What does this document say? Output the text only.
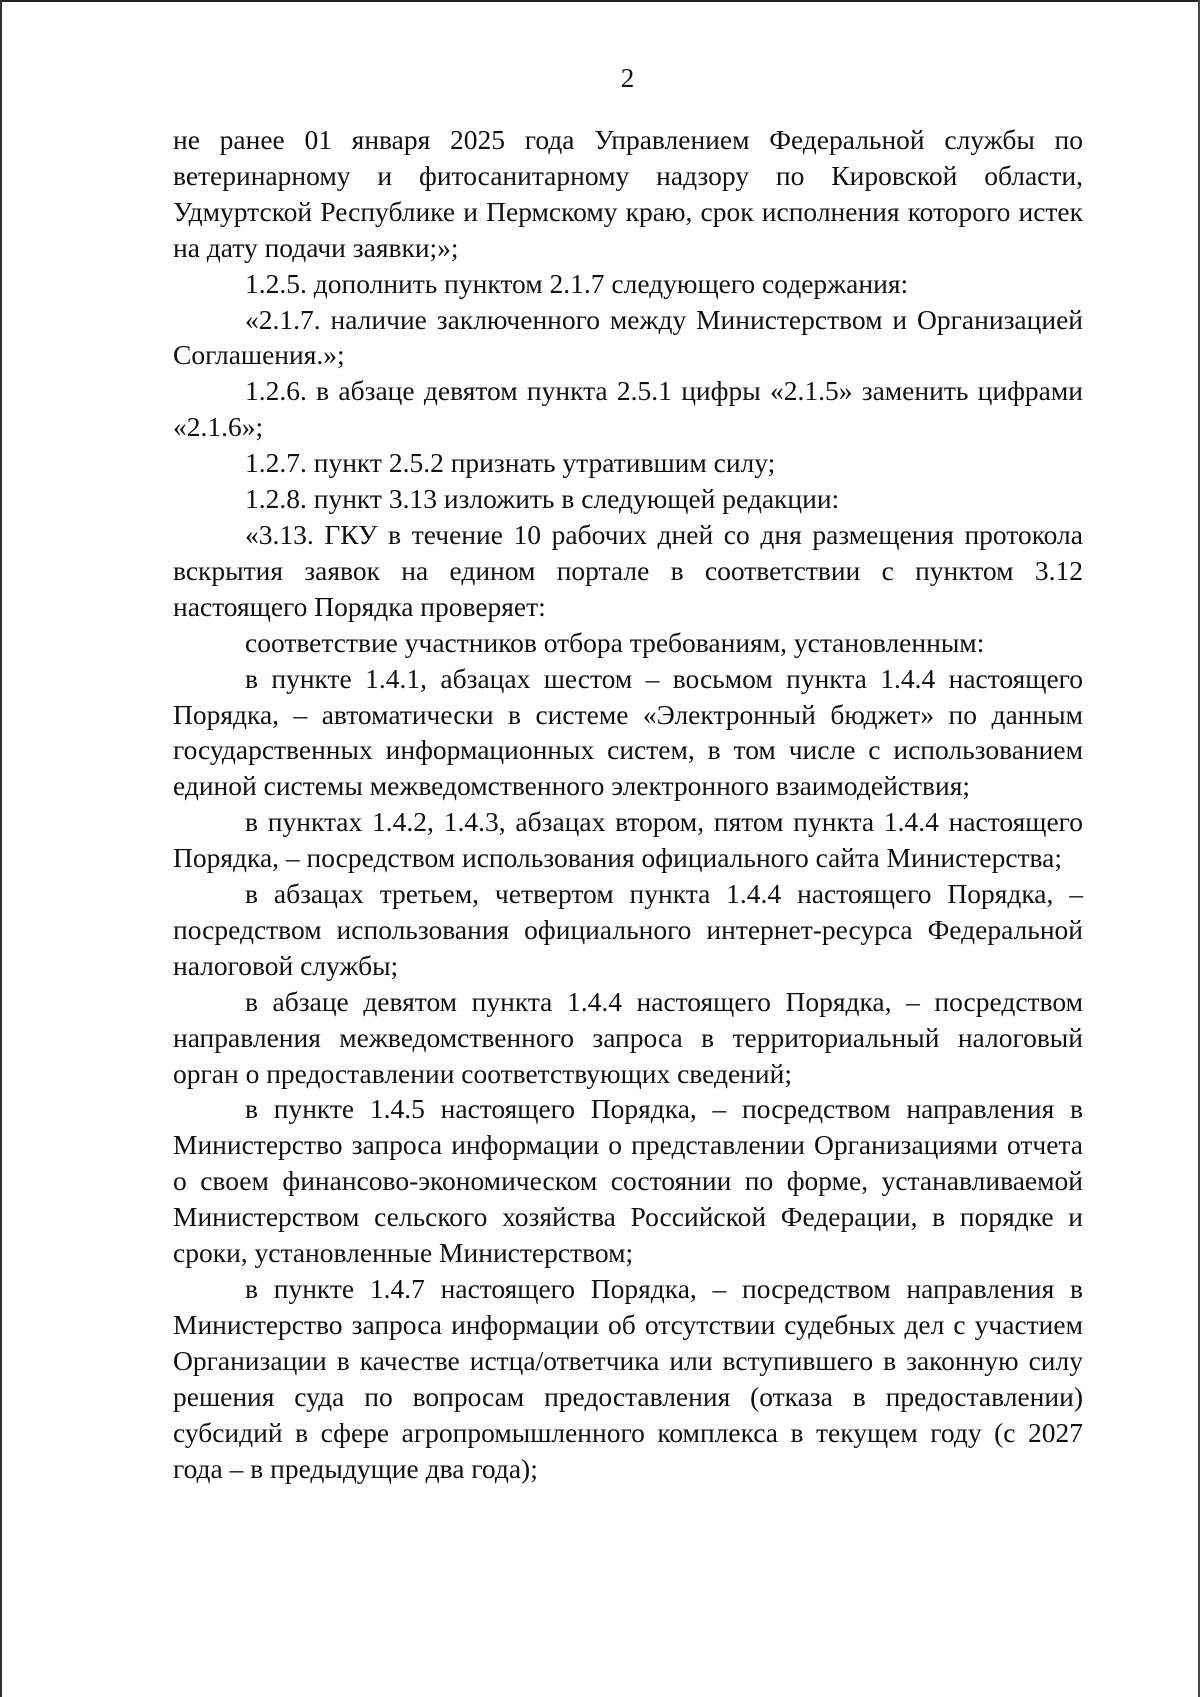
2

не ранее 01 января 2025 года Управлением Федеральной службы по ветеринарному и фитосанитарному надзору по Кировской области, Удмуртской Республике и Пермскому краю, срок исполнения которого истек на дату подачи заявки;»;

1.2.5. дополнить пунктом 2.1.7 следующего содержания:

«2.1.7. наличие заключенного между Министерством и Организацией Соглашения.»;

1.2.6. в абзаце девятом пункта 2.5.1 цифры «2.1.5» заменить цифрами «2.1.6»;

1.2.7. пункт 2.5.2 признать утратившим силу;

1.2.8. пункт 3.13 изложить в следующей редакции:

«3.13. ГКУ в течение 10 рабочих дней со дня размещения протокола вскрытия заявок на едином портале в соответствии с пунктом 3.12 настоящего Порядка проверяет:

соответствие участников отбора требованиям, установленным:

в пункте 1.4.1, абзацах шестом – восьмом пункта 1.4.4 настоящего Порядка, – автоматически в системе «Электронный бюджет» по данным государственных информационных систем, в том числе с использованием единой системы межведомственного электронного взаимодействия;

в пунктах 1.4.2, 1.4.3, абзацах втором, пятом пункта 1.4.4 настоящего Порядка, – посредством использования официального сайта Министерства;

в абзацах третьем, четвертом пункта 1.4.4 настоящего Порядка, – посредством использования официального интернет-ресурса Федеральной налоговой службы;

в абзаце девятом пункта 1.4.4 настоящего Порядка, – посредством направления межведомственного запроса в территориальный налоговый орган о предоставлении соответствующих сведений;

в пункте 1.4.5 настоящего Порядка, – посредством направления в Министерство запроса информации о представлении Организациями отчета о своем финансово-экономическом состоянии по форме, устанавливаемой Министерством сельского хозяйства Российской Федерации, в порядке и сроки, установленные Министерством;

в пункте 1.4.7 настоящего Порядка, – посредством направления в Министерство запроса информации об отсутствии судебных дел с участием Организации в качестве истца/ответчика или вступившего в законную силу решения суда по вопросам предоставления (отказа в предоставлении) субсидий в сфере агропромышленного комплекса в текущем году (с 2027 года – в предыдущие два года);
